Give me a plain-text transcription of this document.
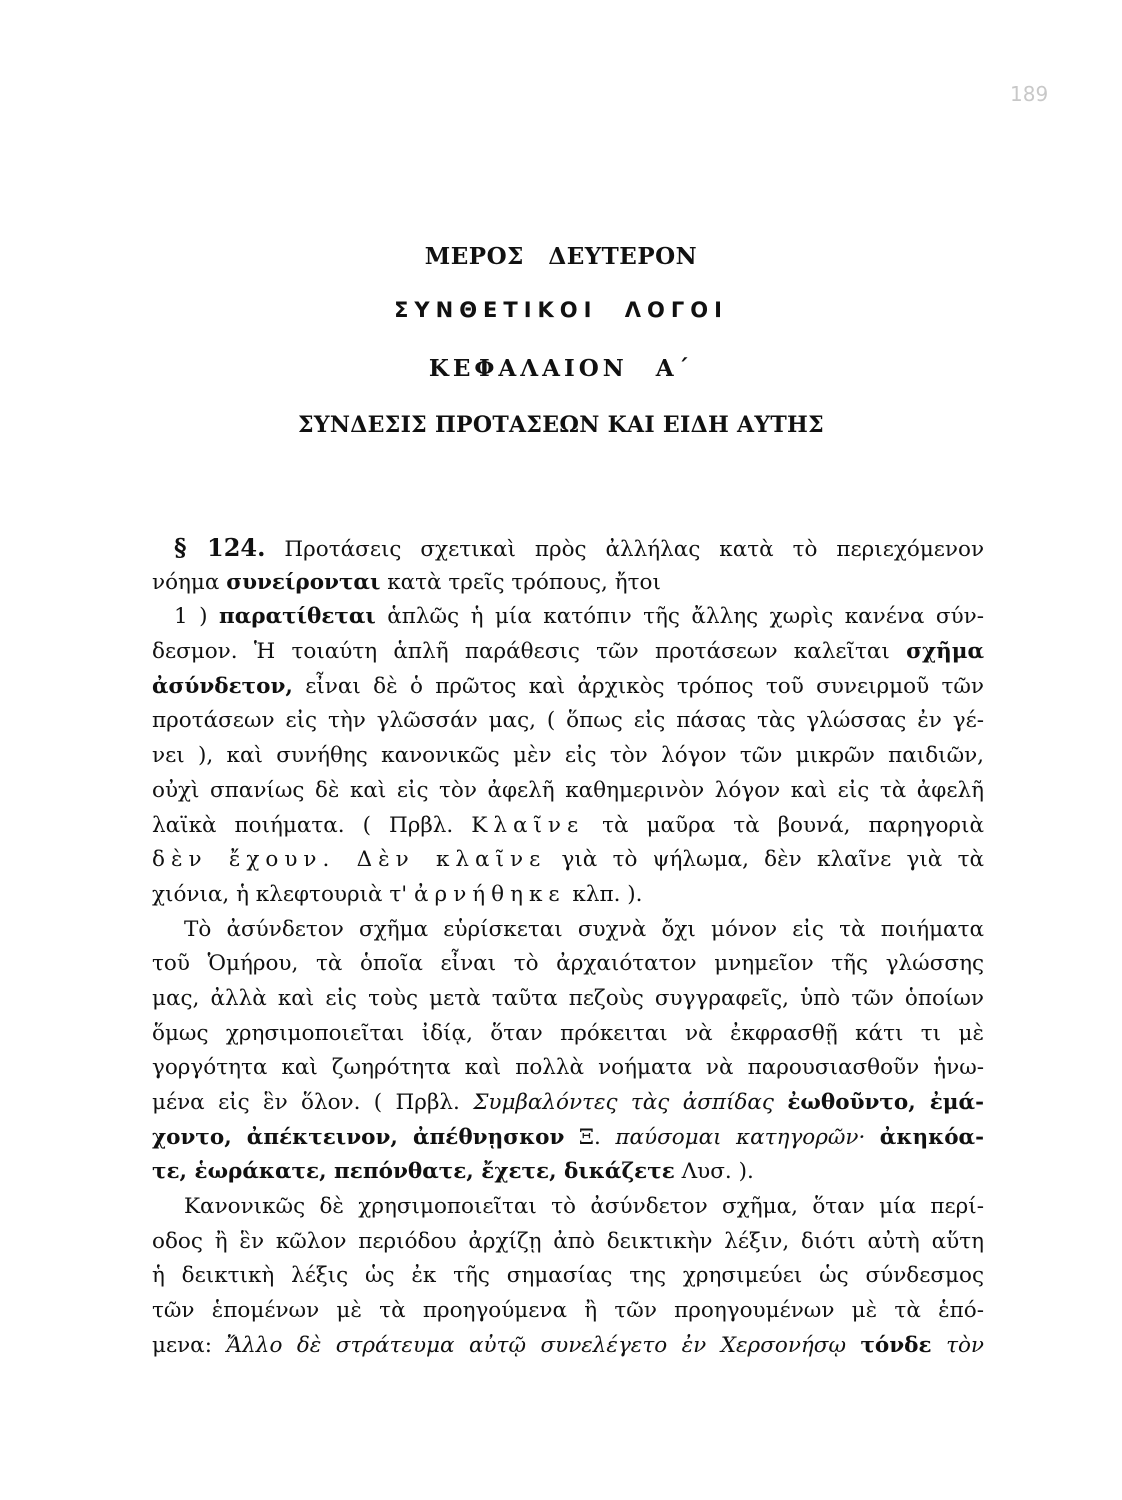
189
ΜΕΡΟΣ ΔΕΥΤΕΡΟΝ
ΣΥΝΘΕΤΙΚΟΙ ΛΟΓΟΙ
ΚΕΦΑΛΑΙΟΝ Α΄
ΣΥΝΔΕΣΙΣ ΠΡΟΤΑΣΕΩΝ ΚΑΙ ΕΙΔΗ ΑΥΤΗΣ
§ 124. Προτάσεις σχετικαὶ πρὸς ἀλλήλας κατὰ τὸ περιεχόμενον
νόημα συνείρονται κατὰ τρεῖς τρόπους, ἤτοι
1 ) παρατίθεται ἁπλῶς ἡ μία κατόπιν τῆς ἄλλης χωρὶς κανένα σύν-
δεσμον. Ἡ τοιαύτη ἁπλῆ παράθεσις τῶν προτάσεων καλεῖται σχῆμα
ἀσύνδετον, εἶναι δὲ ὁ πρῶτος καὶ ἀρχικὸς τρόπος τοῦ συνειρμοῦ τῶν
προτάσεων εἰς τὴν γλῶσσάν μας, ( ὅπως εἰς πάσας τὰς γλώσσας ἐν γέ-
νει ), καὶ συνήθης κανονικῶς μὲν εἰς τὸν λόγον τῶν μικρῶν παιδιῶν,
οὐχὶ σπανίως δὲ καὶ εἰς τὸν ἀφελῆ καθημερινὸν λόγον καὶ εἰς τὰ ἀφελῆ
λαϊκὰ ποιήματα. ( Πρβλ. Κλαῖνε τὰ μαῦρα τὰ βουνά, παρηγοριὰ
δὲν ἔχουν. Δὲν κλαῖνε γιὰ τὸ ψήλωμα, δὲν κλαῖνε γιὰ τὰ
χιόνια, ἡ κλεφτουριὰ τ' ἀρνήθηκε κλπ. ).
Τὸ ἀσύνδετον σχῆμα εὑρίσκεται συχνὰ ὄχι μόνον εἰς τὰ ποιήματα
τοῦ Ὁμήρου, τὰ ὁποῖα εἶναι τὸ ἀρχαιότατον μνημεῖον τῆς γλώσσης
μας, ἀλλὰ καὶ εἰς τοὺς μετὰ ταῦτα πεζοὺς συγγραφεῖς, ὑπὸ τῶν ὁποίων
ὅμως χρησιμοποιεῖται ἰδίᾳ, ὅταν πρόκειται νὰ ἐκφρασθῇ κάτι τι μὲ
γοργότητα καὶ ζωηρότητα καὶ πολλὰ νοήματα νὰ παρουσιασθοῦν ἡνω-
μένα εἰς ἓν ὅλον. ( Πρβλ. Συμβαλόντες τὰς ἀσπίδας ἐωθοῦντο, ἐμά-
χοντο, ἀπέκτεινον, ἀπέθνῃσκον Ξ. παύσομαι κατηγορῶν· ἀκηκόα-
τε, ἑωράκατε, πεπόνθατε, ἔχετε, δικάζετε Λυσ. ).
Κανονικῶς δὲ χρησιμοποιεῖται τὸ ἀσύνδετον σχῆμα, ὅταν μία περί-
οδος ἢ ἓν κῶλον περιόδου ἀρχίζῃ ἀπὸ δεικτικὴν λέξιν, διότι αὐτὴ αὕτη
ἡ δεικτικὴ λέξις ὡς ἐκ τῆς σημασίας της χρησιμεύει ὡς σύνδεσμος
τῶν ἑπομένων μὲ τὰ προηγούμενα ἢ τῶν προηγουμένων μὲ τὰ ἑπό-
μενα: Ἄλλο δὲ στράτευμα αὐτῷ συνελέγετο ἐν Χερσονήσῳ τόνδε τὸν
